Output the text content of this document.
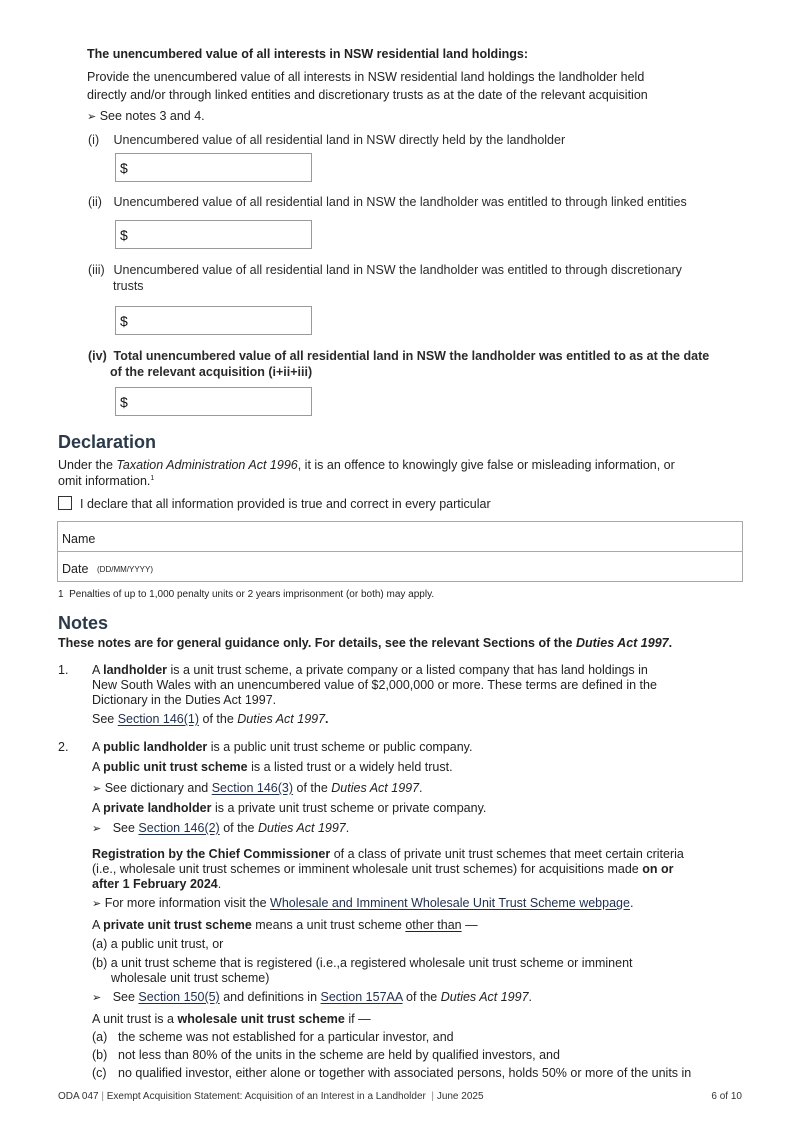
The unencumbered value of all interests in NSW residential land holdings:
Provide the unencumbered value of all interests in NSW residential land holdings the landholder held
directly and/or through linked entities and discretionary trusts as at the date of the relevant acquisition
➢ See notes 3 and 4.
(i) Unencumbered value of all residential land in NSW directly held by the landholder
$
(ii) Unencumbered value of all residential land in NSW the landholder was entitled to through linked entities
$
(iii) Unencumbered value of all residential land in NSW the landholder was entitled to through discretionary
trusts
$
(iv) Total unencumbered value of all residential land in NSW the landholder was entitled to as at the date
of the relevant acquisition (i+ii+iii)
$
Declaration
Under the Taxation Administration Act 1996, it is an offence to knowingly give false or misleading information, or
omit information.$^1$
I declare that all information provided is true and correct in every particular
Name
Date (DD/MM/YYYY)
1  Penalties of up to 1,000 penalty units or 2 years imprisonment (or both) may apply.
Notes
These notes are for general guidance only. For details, see the relevant Sections of the Duties Act 1997.
1. A landholder is a unit trust scheme, a private company or a listed company that has land holdings in
New South Wales with an unencumbered value of $2,000,000 or more. These terms are defined in the
Dictionary in the Duties Act 1997.
See Section 146(1) of the Duties Act 1997.
2. A public landholder is a public unit trust scheme or public company.
A public unit trust scheme is a listed trust or a widely held trust.
➢ See dictionary and Section 146(3) of the Duties Act 1997.
A private landholder is a private unit trust scheme or private company.
➢ See Section 146(2) of the Duties Act 1997.
Registration by the Chief Commissioner of a class of private unit trust schemes that meet certain criteria
(i.e., wholesale unit trust schemes or imminent wholesale unit trust schemes) for acquisitions made on or
after 1 February 2024.
➢ For more information visit the Wholesale and Imminent Wholesale Unit Trust Scheme webpage.
A private unit trust scheme means a unit trust scheme other than —
(a) a public unit trust, or
(b) a unit trust scheme that is registered (i.e.,a registered wholesale unit trust scheme or imminent
wholesale unit trust scheme)
➢ See Section 150(5) and definitions in Section 157AA of the Duties Act 1997.
A unit trust is a wholesale unit trust scheme if —
(a) the scheme was not established for a particular investor, and
(b) not less than 80% of the units in the scheme are held by qualified investors, and
(c) no qualified investor, either alone or together with associated persons, holds 50% or more of the units in
ODA 047 | Exempt Acquisition Statement: Acquisition of an Interest in a Landholder  | June 2025	6 of 10
